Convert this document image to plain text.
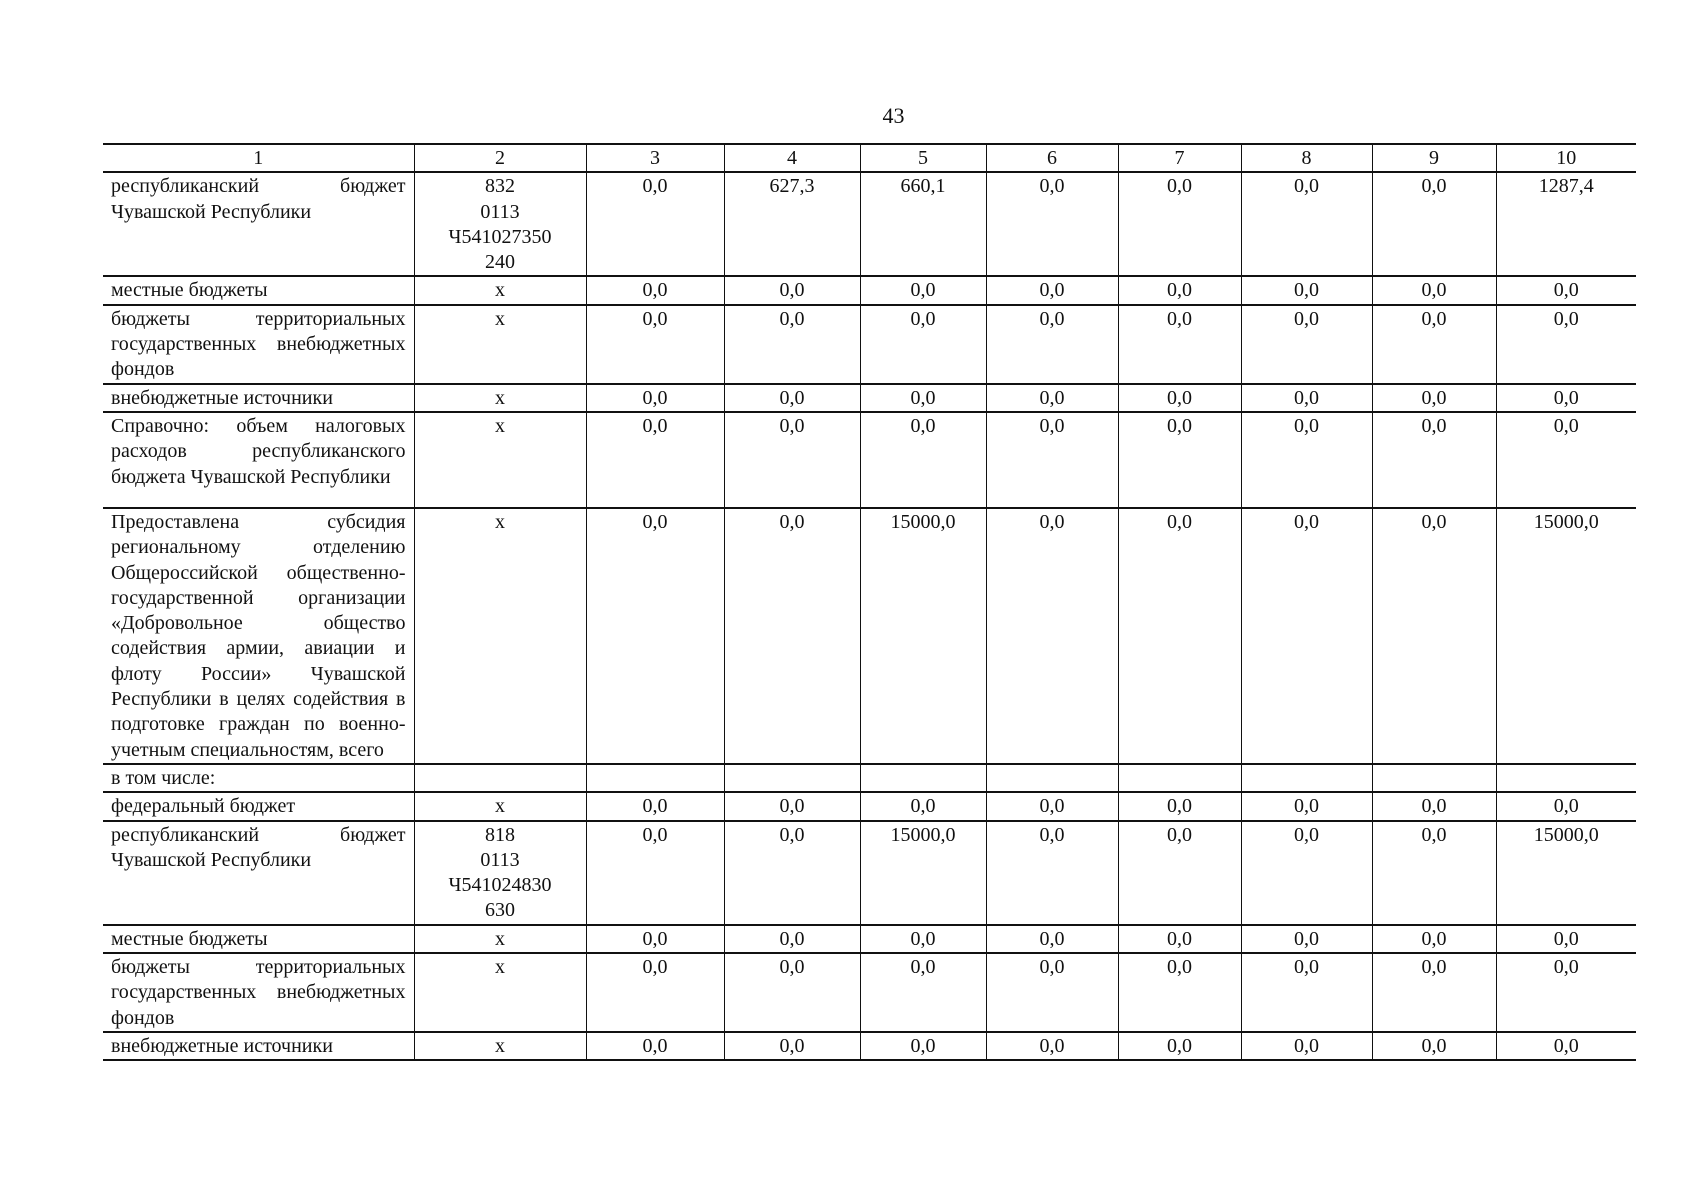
43
1	2	3	4	5	6	7	8	9	10
республиканский бюджет Чувашской Республики	832
0113
Ч541027350
240	0,0	627,3	660,1	0,0	0,0	0,0	0,0	1287,4
местные бюджеты	х	0,0	0,0	0,0	0,0	0,0	0,0	0,0	0,0
бюджеты территориальных государственных внебюджетных фондов	х	0,0	0,0	0,0	0,0	0,0	0,0	0,0	0,0
внебюджетные источники	х	0,0	0,0	0,0	0,0	0,0	0,0	0,0	0,0
Справочно: объем налоговых расходов республиканского бюджета Чувашской Республики	х	0,0	0,0	0,0	0,0	0,0	0,0	0,0	0,0
Предоставлена субсидия региональному отделению Общероссийской общественно-государственной организации «Добровольное общество содействия армии, авиации и флоту России» Чувашской Республики в целях содействия в подготовке граждан по военно-учетным специальностям, всего	х	0,0	0,0	15000,0	0,0	0,0	0,0	0,0	15000,0
в том числе:									
федеральный бюджет	х	0,0	0,0	0,0	0,0	0,0	0,0	0,0	0,0
республиканский бюджет Чувашской Республики	818
0113
Ч541024830
630	0,0	0,0	15000,0	0,0	0,0	0,0	0,0	15000,0
местные бюджеты	х	0,0	0,0	0,0	0,0	0,0	0,0	0,0	0,0
бюджеты территориальных государственных внебюджетных фондов	х	0,0	0,0	0,0	0,0	0,0	0,0	0,0	0,0
внебюджетные источники	х	0,0	0,0	0,0	0,0	0,0	0,0	0,0	0,0
